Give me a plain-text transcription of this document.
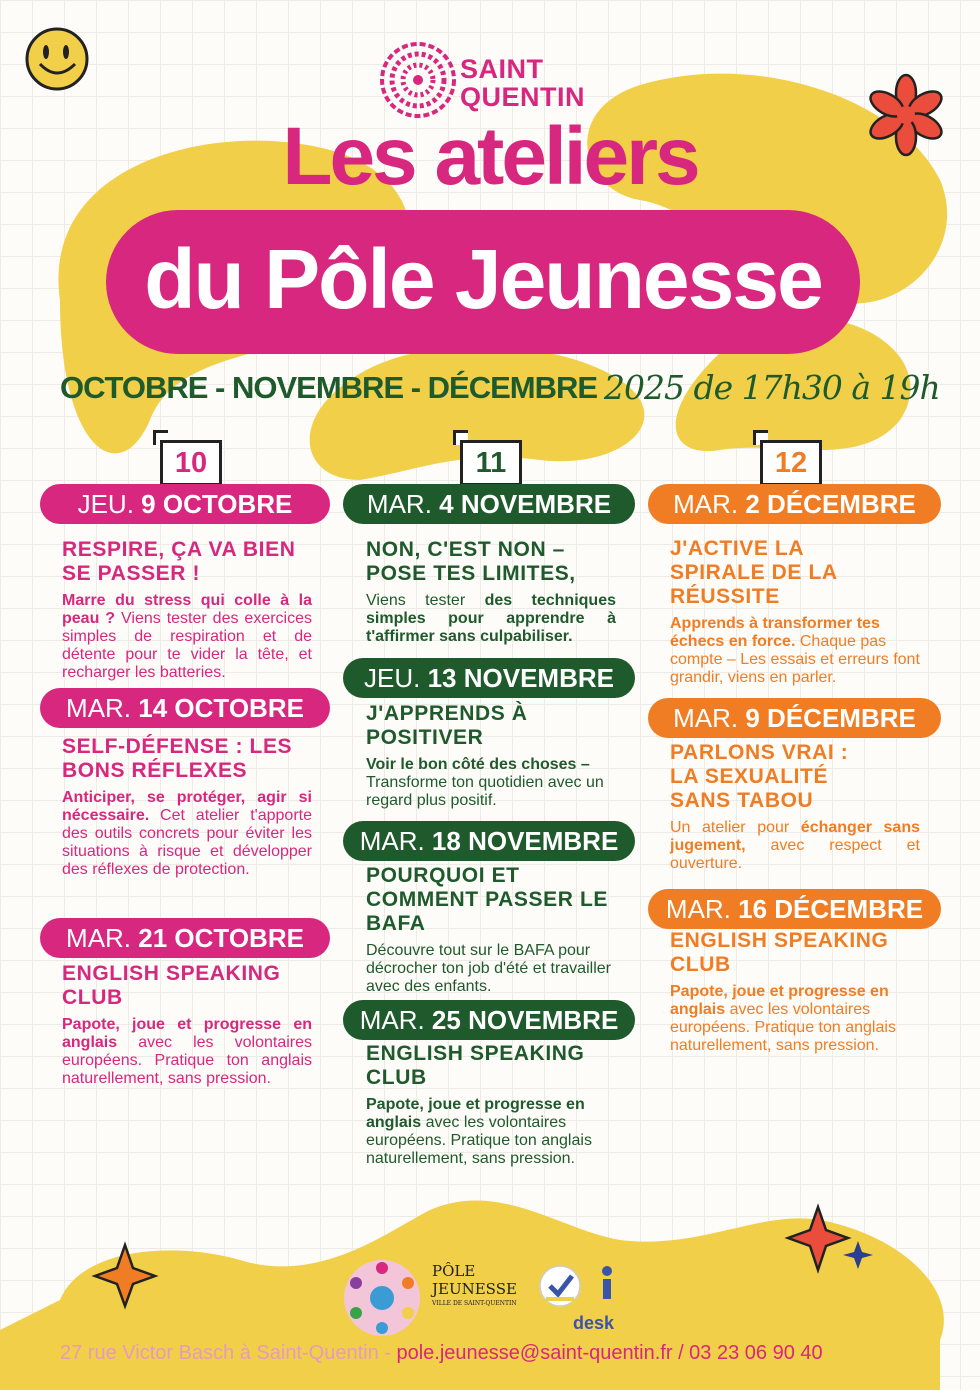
SAINT
QUENTIN
Les ateliers
du Pôle Jeunesse
OCTOBRE - NOVEMBRE - DÉCEMBRE 2025 de 17h30 à 19h
10	11	12
JEU. 9 OCTOBRE
RESPIRE, ÇA VA BIEN SE PASSER !
Marre du stress qui colle à la peau ? Viens tester des exercices simples de respiration et de détente pour te vider la tête, et recharger les batteries.
MAR. 14 OCTOBRE
SELF-DÉFENSE : LES BONS RÉFLEXES
Anticiper, se protéger, agir si nécessaire. Cet atelier t'apporte des outils concrets pour éviter les situations à risque et développer des réflexes de protection.
MAR. 21 OCTOBRE
ENGLISH SPEAKING CLUB
Papote, joue et progresse en anglais avec les volontaires européens. Pratique ton anglais naturellement, sans pression.
MAR. 4 NOVEMBRE
NON, C'EST NON – POSE TES LIMITES,
Viens tester des techniques simples pour apprendre à t'affirmer sans culpabiliser.
JEU. 13 NOVEMBRE
J'APPRENDS À POSITIVER
Voir le bon côté des choses – Transforme ton quotidien avec un regard plus positif.
MAR. 18 NOVEMBRE
POURQUOI ET COMMENT PASSER LE BAFA
Découvre tout sur le BAFA pour décrocher ton job d'été et travailler avec des enfants.
MAR. 25 NOVEMBRE
ENGLISH SPEAKING CLUB
Papote, joue et progresse en anglais avec les volontaires européens. Pratique ton anglais naturellement, sans pression.
MAR. 2 DÉCEMBRE
J'ACTIVE LA SPIRALE DE LA RÉUSSITE
Apprends à transformer tes échecs en force. Chaque pas compte – Les essais et erreurs font grandir, viens en parler.
MAR. 9 DÉCEMBRE
PARLONS VRAI : LA SEXUALITÉ SANS TABOU
Un atelier pour échanger sans jugement, avec respect et ouverture.
MAR. 16 DÉCEMBRE
ENGLISH SPEAKING CLUB
Papote, joue et progresse en anglais avec les volontaires européens. Pratique ton anglais naturellement, sans pression.
PÔLE
JEUNESSE
VILLE DE SAINT-QUENTIN
eurodesk
27 rue Victor Basch à Saint-Quentin - pole.jeunesse@saint-quentin.fr / 03 23 06 90 40
